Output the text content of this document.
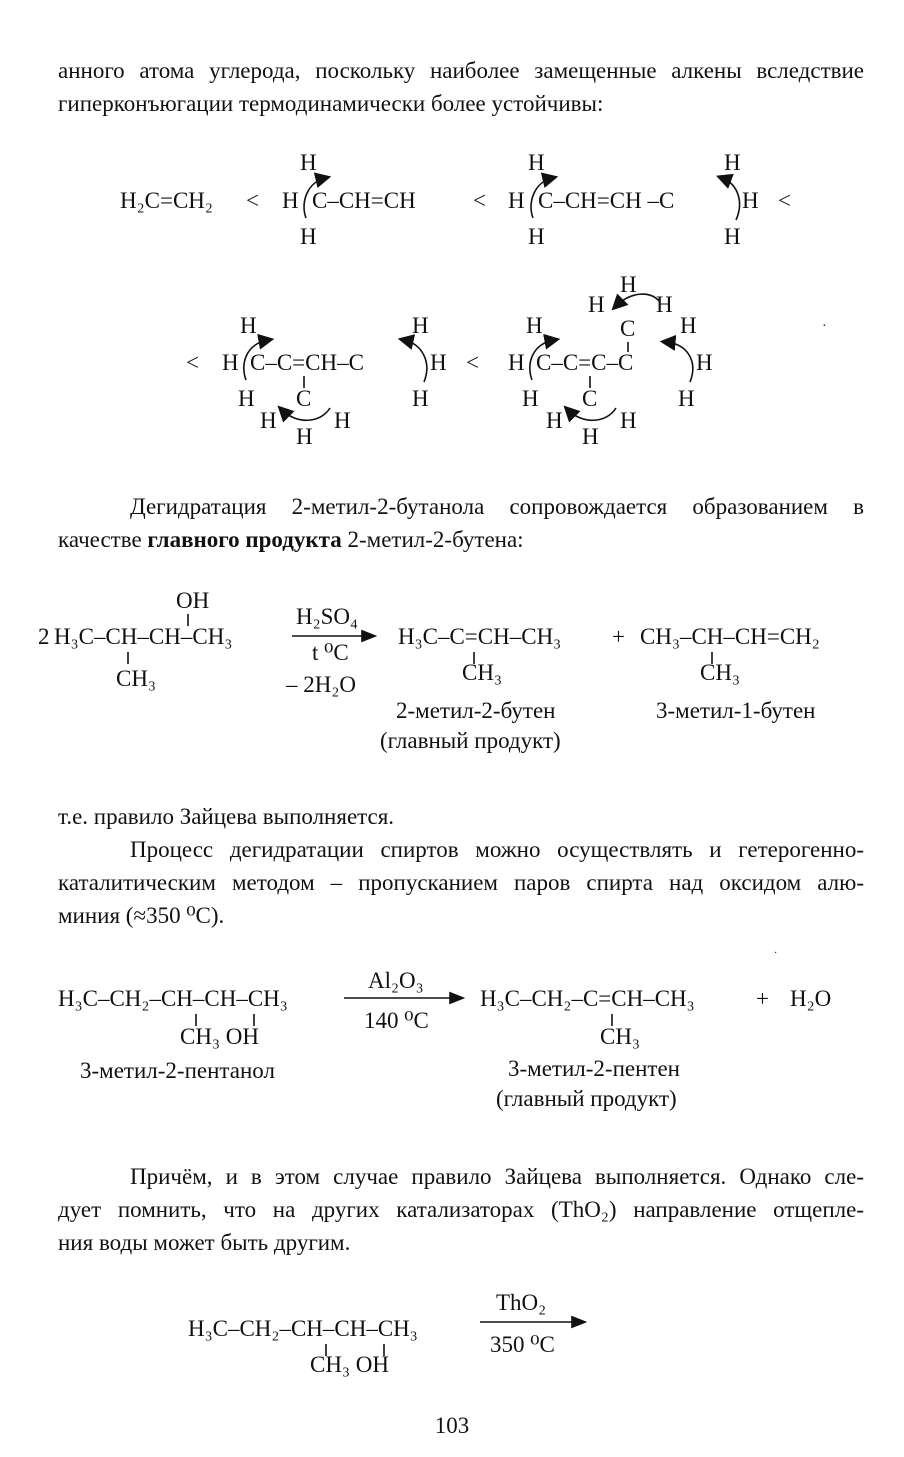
анного атома углерода, поскольку наиболее замещенные алкены вследствие
гиперконъюгации термодинамически более устойчивы:
H₂C=CH₂ <
H
H C–CH=CH
H
<
H
H C–CH=CH –C	H
H
H
H
<
<
H
H C–C=CH–C	H
H
H
H C
H H
H
<
H
H H
C H
H
H C–C=C–C	H
H
H C
H H
H
·
Дегидратация 2-метил-2-бутанола сопровождается образованием в
качестве главного продукта 2-метил-2-бутена:
OH
2 H₃C–CH–CH–CH₃
CH₃
H₂SO₄
t ⁰C
– 2H₂O
H₃C–C=CH–CH₃
CH₃
+ CH₃–CH–CH=CH₂
CH₃
2-метил-2-бутен
(главный продукт)
3-метил-1-бутен
т.е. правило Зайцева выполняется.
Процесс дегидратации спиртов можно осуществлять и гетерогенно-
каталитическим методом – пропусканием паров спирта над оксидом алю-
миния (≈350 ⁰С).
H₃C–CH₂–CH–CH–CH₃
CH₃ OH
Al₂O₃
140 ⁰C
H₃C–CH₂–C=CH–CH₃	+ H₂O
CH₃
3-метил-2-пентанол	3-метил-2-пентен
(главный продукт)
·
Причём, и в этом случае правило Зайцева выполняется. Однако сле-
дует помнить, что на других катализаторах (ThO₂) направление отщепле-
ния воды может быть другим.
H₃C–CH₂–CH–CH–CH₃
CH₃ OH
ThO₂
350 ⁰C
103
